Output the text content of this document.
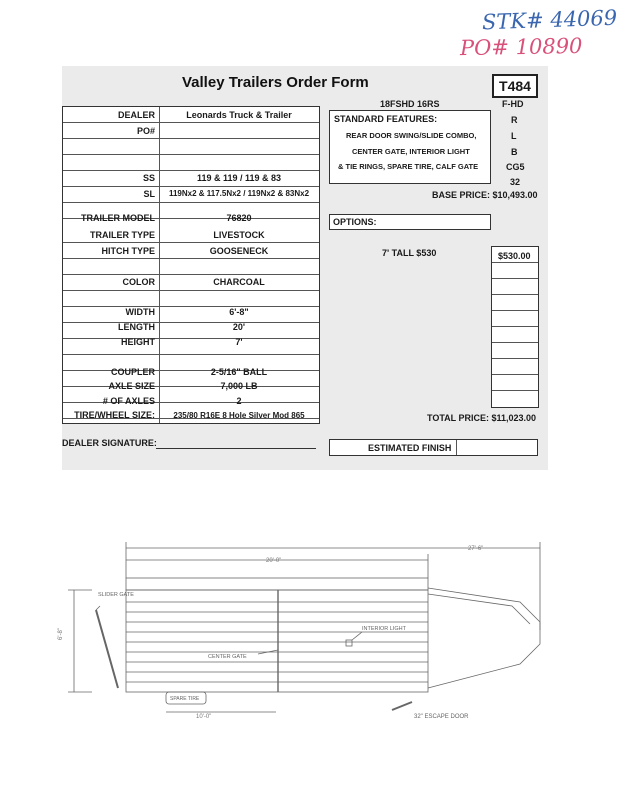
STK# 44069
PO# 10890
Valley Trailers Order Form	T484
DEALER	Leonards Truck & Trailer
PO#
SS	119 & 119 / 119 & 83
SL	119Nx2 & 117.5Nx2 / 119Nx2 & 83Nx2
TRAILER MODEL	76820
TRAILER TYPE	LIVESTOCK
HITCH TYPE	GOOSENECK
COLOR	CHARCOAL
WIDTH	6'-8"
LENGTH	20'
HEIGHT	7'
COUPLER	2-5/16" BALL
AXLE SIZE	7,000 LB
# OF AXLES	2
TIRE/WHEEL SIZE:	235/80 R16E 8 Hole Silver Mod 865
DEALER SIGNATURE:
18FSHD 16RS	F-HD
STANDARD FEATURES:
REAR DOOR SWING/SLIDE COMBO,
CENTER GATE, INTERIOR LIGHT
& TIE RINGS, SPARE TIRE, CALF GATE
R
L
B
CG5
32
BASE PRICE: $10,493.00
OPTIONS:
7' TALL $530	$530.00
TOTAL PRICE: $11,023.00
ESTIMATED FINISH
27'-6"
20'-0"
6'-8"
SLIDER GATE
INTERIOR LIGHT
CENTER GATE
SPARE TIRE
10'-0"	32" ESCAPE DOOR
